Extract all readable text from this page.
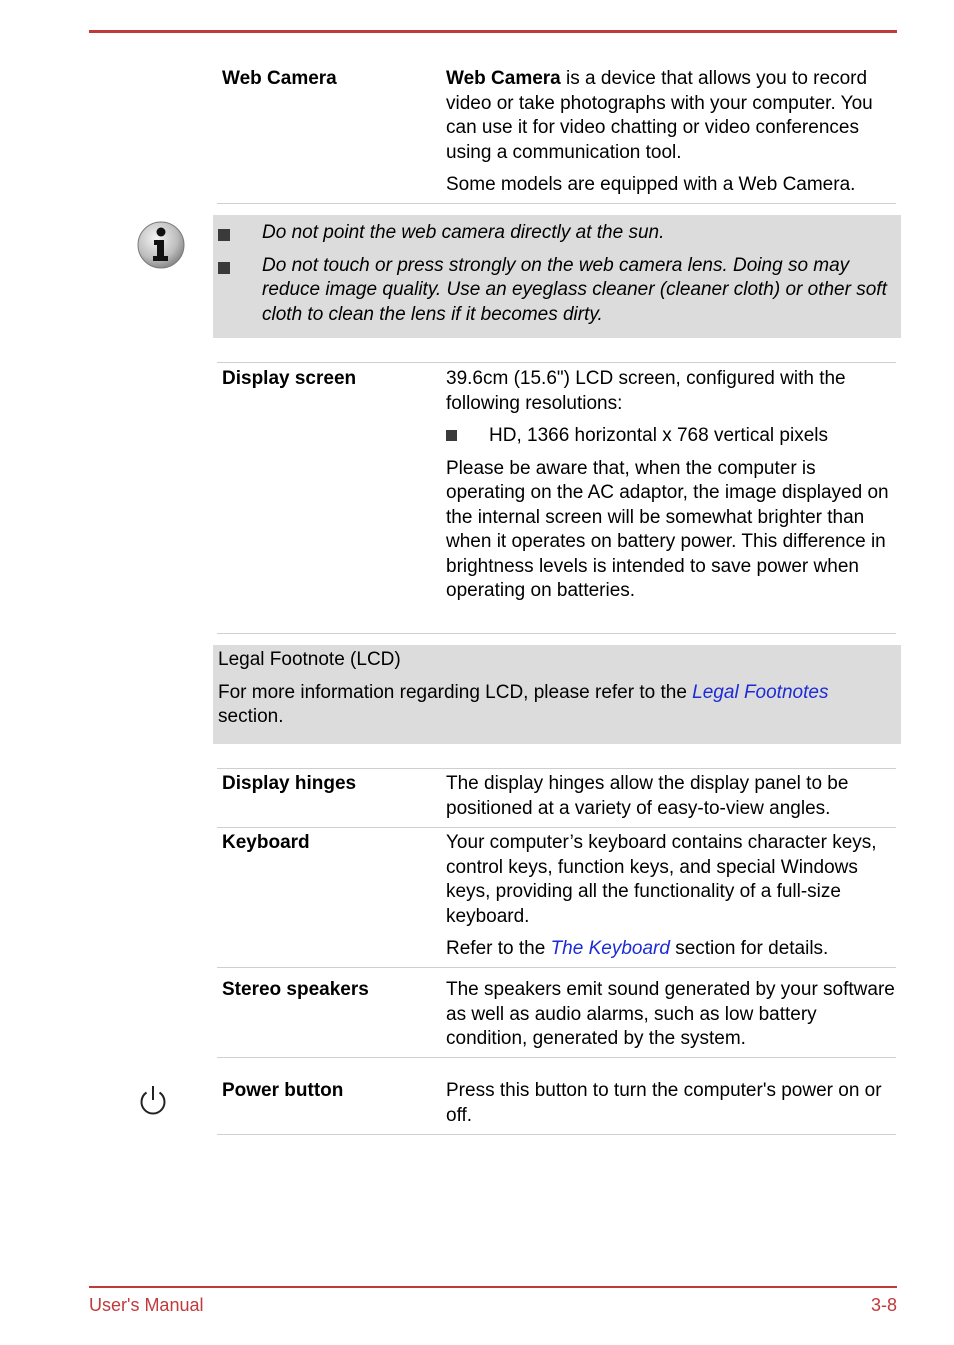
Web Camera	Web Camera is a device that allows you to record video or take photographs with your computer. You can use it for video chatting or video conferences using a communication tool.

Some models are equipped with a Web Camera.

Do not point the web camera directly at the sun.
Do not touch or press strongly on the web camera lens. Doing so may reduce image quality. Use an eyeglass cleaner (cleaner cloth) or other soft cloth to clean the lens if it becomes dirty.
Display screen	39.6cm (15.6") LCD screen, configured with the following resolutions:

HD, 1366 horizontal x 768 vertical pixels

Please be aware that, when the computer is operating on the AC adaptor, the image displayed on the internal screen will be somewhat brighter than when it operates on battery power. This difference in brightness levels is intended to save power when operating on batteries.

Legal Footnote (LCD)
For more information regarding LCD, please refer to the Legal Footnotes section.
Display hinges	The display hinges allow the display panel to be positioned at a variety of easy-to-view angles.

Keyboard	Your computer’s keyboard contains character keys, control keys, function keys, and special Windows keys, providing all the functionality of a full-size keyboard.

Refer to the The Keyboard section for details.

Stereo speakers	The speakers emit sound generated by your software as well as audio alarms, such as low battery condition, generated by the system.

Power button	Press this button to turn the computer's power on or off.

User's Manual	3-8
